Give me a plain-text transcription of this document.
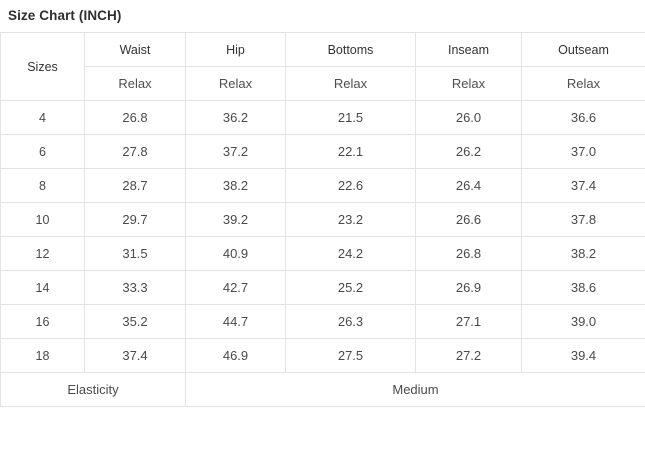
Size Chart (INCH)
Sizes	Waist	Hip	Bottoms	Inseam	Outseam
	Relax	Relax	Relax	Relax	Relax
4	26.8	36.2	21.5	26.0	36.6
6	27.8	37.2	22.1	26.2	37.0
8	28.7	38.2	22.6	26.4	37.4
10	29.7	39.2	23.2	26.6	37.8
12	31.5	40.9	24.2	26.8	38.2
14	33.3	42.7	25.2	26.9	38.6
16	35.2	44.7	26.3	27.1	39.0
18	37.4	46.9	27.5	27.2	39.4
Elasticity		Medium			
